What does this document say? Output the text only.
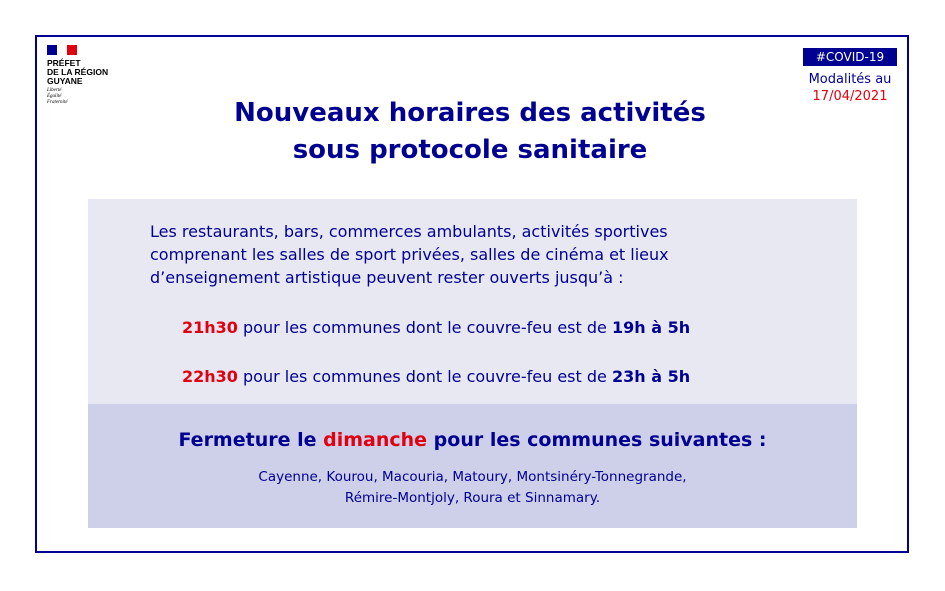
PRÉFET
DE LA RÉGION
GUYANE
Liberté
Égalité
Fraternité
#COVID-19
Modalités au
17/04/2021
Nouveaux horaires des activités
sous protocole sanitaire
Les restaurants, bars, commerces ambulants, activités sportives
comprenant les salles de sport privées, salles de cinéma et lieux
d’enseignement artistique peuvent rester ouverts jusqu’à :
21h30 pour les communes dont le couvre-feu est de 19h à 5h
22h30 pour les communes dont le couvre-feu est de 23h à 5h
Fermeture le dimanche pour les communes suivantes :
Cayenne, Kourou, Macouria, Matoury, Montsinéry-Tonnegrande,
Rémire-Montjoly, Roura et Sinnamary.
